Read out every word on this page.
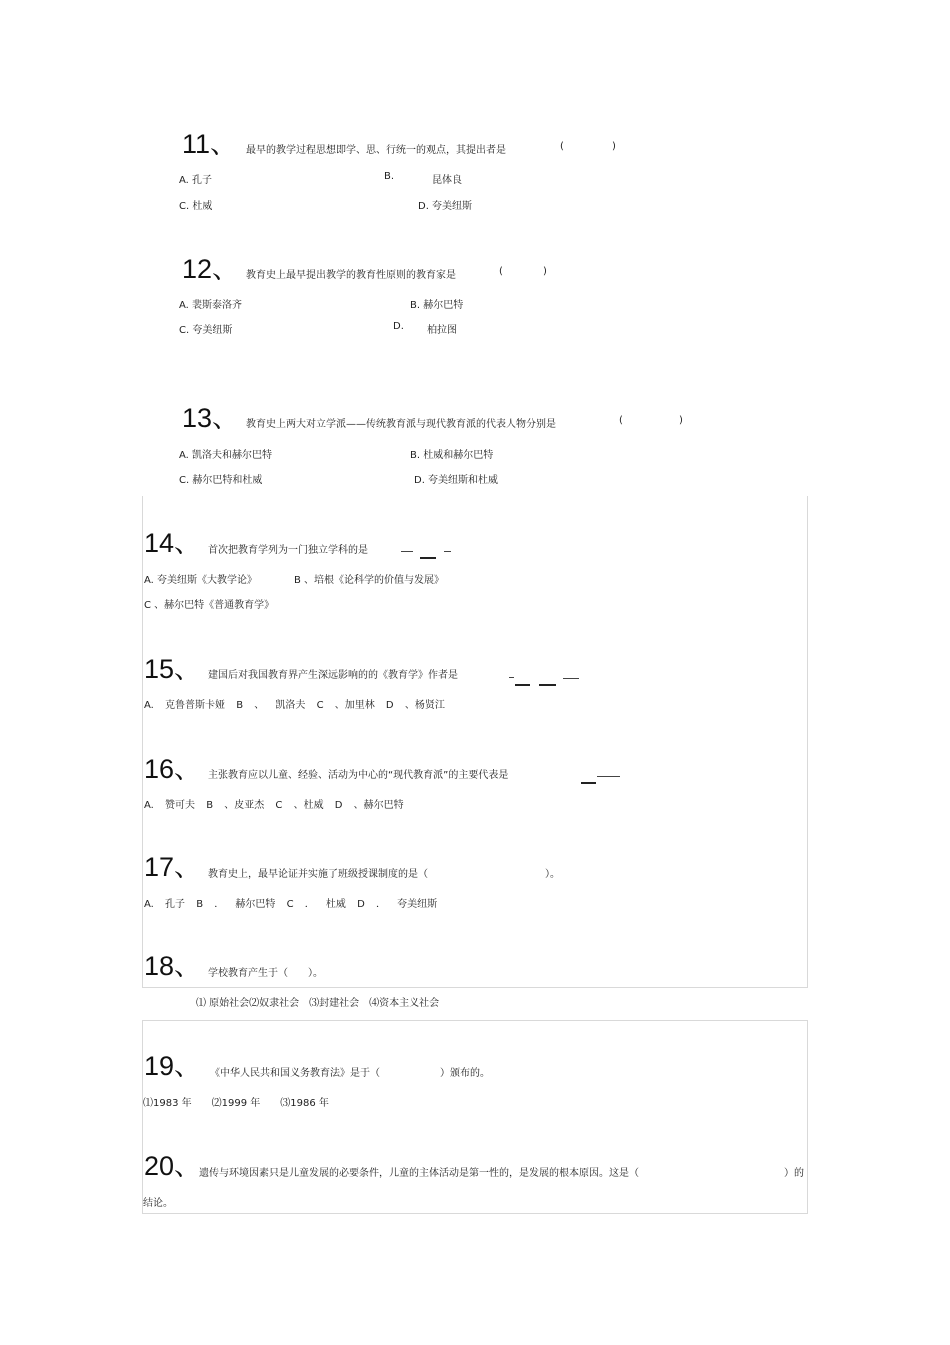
11、 最早的教学过程思想即学、思、行统一的观点，其提出者是	(	)
A. 孔子	B.	昆体良
C. 杜威	D. 夸美纽斯
12、 教育史上最早提出教学的教育性原则的教育家是	(	)
A. 裴斯泰洛齐	B. 赫尔巴特
C. 夸美纽斯	D. 柏拉图
13、 教育史上两大对立学派——传统教育派与现代教育派的代表人物分别是	(	)
A. 凯洛夫和赫尔巴特	B. 杜威和赫尔巴特
C. 赫尔巴特和杜威	D. 夸美纽斯和杜威
14、 首次把教育学列为一门独立学科的是
A. 夸美纽斯《大教学论》	B 、培根《论科学的价值与发展》
C 、赫尔巴特《普通教育学》
15、 建国后对我国教育界产生深远影响的的《教育学》作者是
A. 克鲁普斯卡娅 B 、 凯洛夫 C 、加里林 D 、杨贤江
16、 主张教育应以儿童、经验、活动为中心的“现代教育派”的主要代表是
A. 赞可夫 B 、皮亚杰 C 、杜威 D 、赫尔巴特
17、 教育史上，最早论证并实施了班级授课制度的是（	）。
A. 孔子 B ． 赫尔巴特 C ． 杜威 D ． 夸美纽斯
18、 学校教育产生于（　　）。
⑴ 原始社会⑵奴隶社会　⑶封建社会　⑷资本主义社会
19、 《中华人民共和国义务教育法》是于（	）颁布的。
⑴1983 年　　⑵1999 年　　⑶1986 年
20、
遗传与环境因素只是儿童发展的必要条件，儿童的主体活动是第一性的，是发展的根本原因。这是（	）的
结论。
